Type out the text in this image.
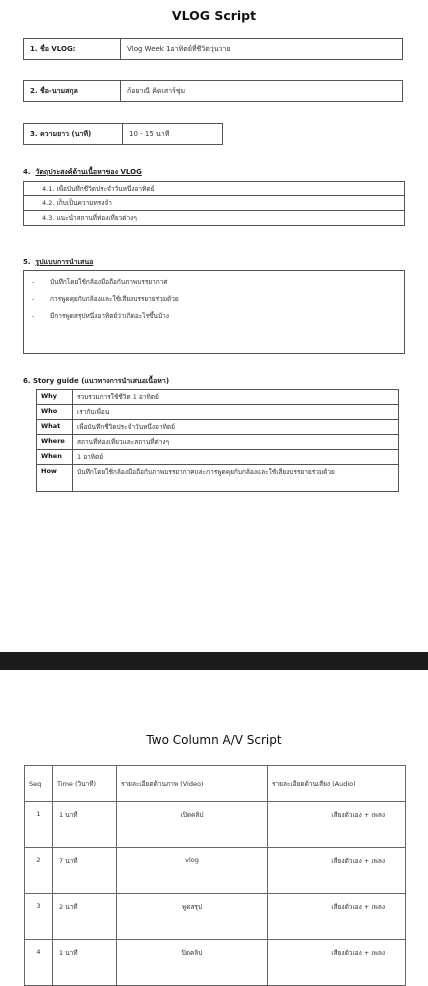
VLOG Script
1. ชื่อ VLOG:	Vlog Week 1อาทิตย์ที่ชีวิตวุ่นวาย
2. ชื่อ-นามสกุล	ก้อยาณี คิดเสาร์ชุ่ม
3. ความยาว (นาที)	10 - 15 นาที
4. วัตถุประสงค์ด้านเนื้อหาของ VLOG
4.1. เพื่อบันทึกชีวิตประจำวันหนึ่งอาทิตย์
4.2. เก็บเป็นความทรงจำ
4.3. แนะนำสถานที่ท่องเที่ยวต่างๆ
5. รูปแบบการนำเสนอ
- บันทึกโดยใช้กล้องมือถือกับภาพบรรยากาศ
- การพูดคุยกับกล้องและใช้เสียงบรรยายร่วมด้วย
- มีการพูดสรุปหนึ่งอาทิตย์ว่าเกิดอะไรขึ้นบ้าง
6. Story guide (แนวทางการนำเสนอเนื้อหา)
Why	รวบรวมการใช้ชีวิต 1 อาทิตย์
Who	เรากับเพื่อน
What	เพื่อบันทึกชีวิตประจำวันหนึ่งอาทิตย์
Where	สถานที่ท่องเที่ยวและสถานที่ต่างๆ
When	1 อาทิตย์
How	บันทึกโดยใช้กล้องมือถือกับภาพบรรยากาศและการพูดคุยกับกล้องและใช้เสียงบรรยายร่วมด้วย
Two Column A/V Script
Seq	Time (วินาที)	รายละเอียดด้านภาพ (Video)	รายละเอียดด้านเสียง (Audio)
1	1 นาที	เปิดคลิป	เสียงตัวเอง + เพลง
2	7 นาที	vlog	เสียงตัวเอง + เพลง
3	2 นาที	พูดสรุป	เสียงตัวเอง + เพลง
4	1 นาที	ปิดคลิป	เสียงตัวเอง + เพลง
